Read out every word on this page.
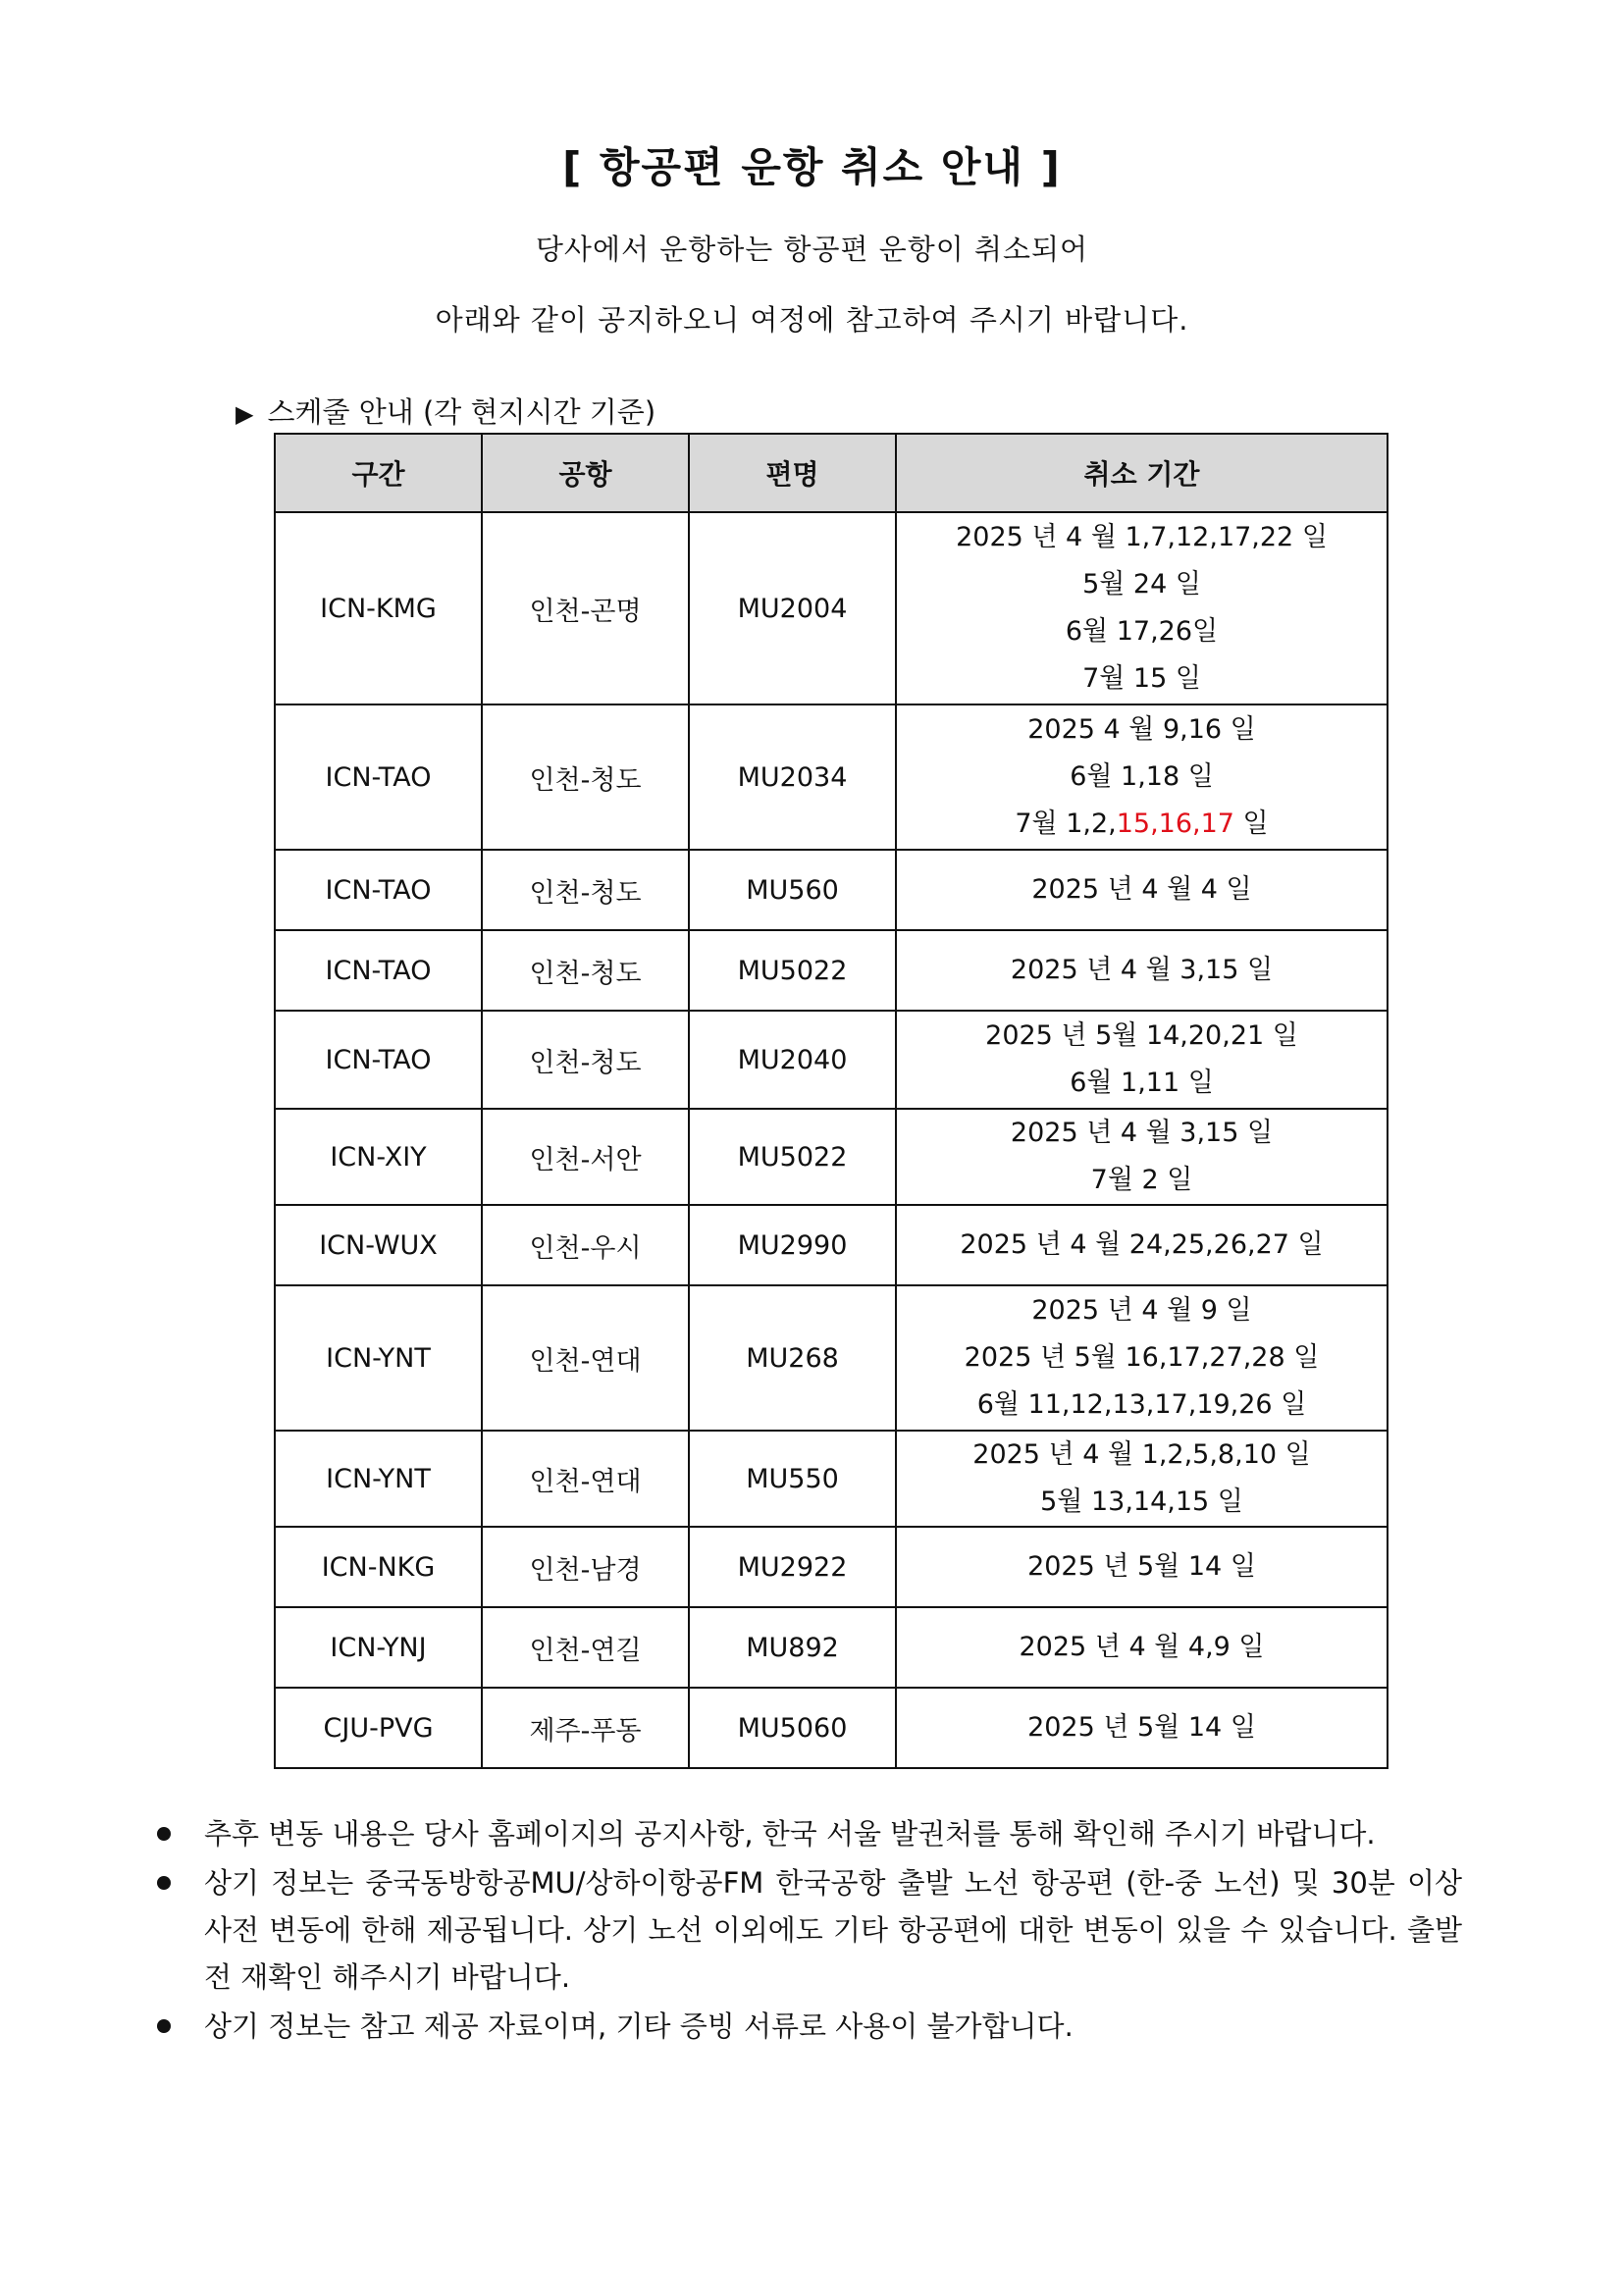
[ 항공편 운항 취소 안내 ]

당사에서 운항하는 항공편 운항이 취소되어

아래와 같이 공지하오니 여정에 참고하여 주시기 바랍니다.

▶ 스케줄 안내 (각 현지시간 기준)

구간	공항	편명	취소 기간
ICN-KMG	인천-곤명	MU2004	2025 년 4 월 1,7,12,17,22 일
5월 24 일
6월 17,26일
7월 15 일

ICN-TAO	인천-청도	MU2034	2025 4 월 9,16 일
6월 1,18 일
7월 1,2,15,16,17 일

ICN-TAO	인천-청도	MU560	2025 년 4 월 4 일

ICN-TAO	인천-청도	MU5022	2025 년 4 월 3,15 일

ICN-TAO	인천-청도	MU2040	2025 년 5월 14,20,21 일
6월 1,11 일

ICN-XIY	인천-서안	MU5022	2025 년 4 월 3,15 일
7월 2 일

ICN-WUX	인천-우시	MU2990	2025 년 4 월 24,25,26,27 일

ICN-YNT	인천-연대	MU268	2025 년 4 월 9 일
2025 년 5월 16,17,27,28 일
6월 11,12,13,17,19,26 일

ICN-YNT	인천-연대	MU550	2025 년 4 월 1,2,5,8,10 일
5월 13,14,15 일

ICN-NKG	인천-남경	MU2922	2025 년 5월 14 일

ICN-YNJ	인천-연길	MU892	2025 년 4 월 4,9 일

CJU-PVG	제주-푸동	MU5060	2025 년 5월 14 일
추후 변동 내용은 당사 홈페이지의 공지사항, 한국 서울 발권처를 통해 확인해 주시기 바랍니다.
상기 정보는 중국동방항공MU/상하이항공FM 한국공항 출발 노선 항공편 (한-중 노선) 및 30분 이상 사전 변동에 한해 제공됩니다. 상기 노선 이외에도 기타 항공편에 대한 변동이 있을 수 있습니다. 출발 전 재확인 해주시기 바랍니다.
상기 정보는 참고 제공 자료이며, 기타 증빙 서류로 사용이 불가합니다.
